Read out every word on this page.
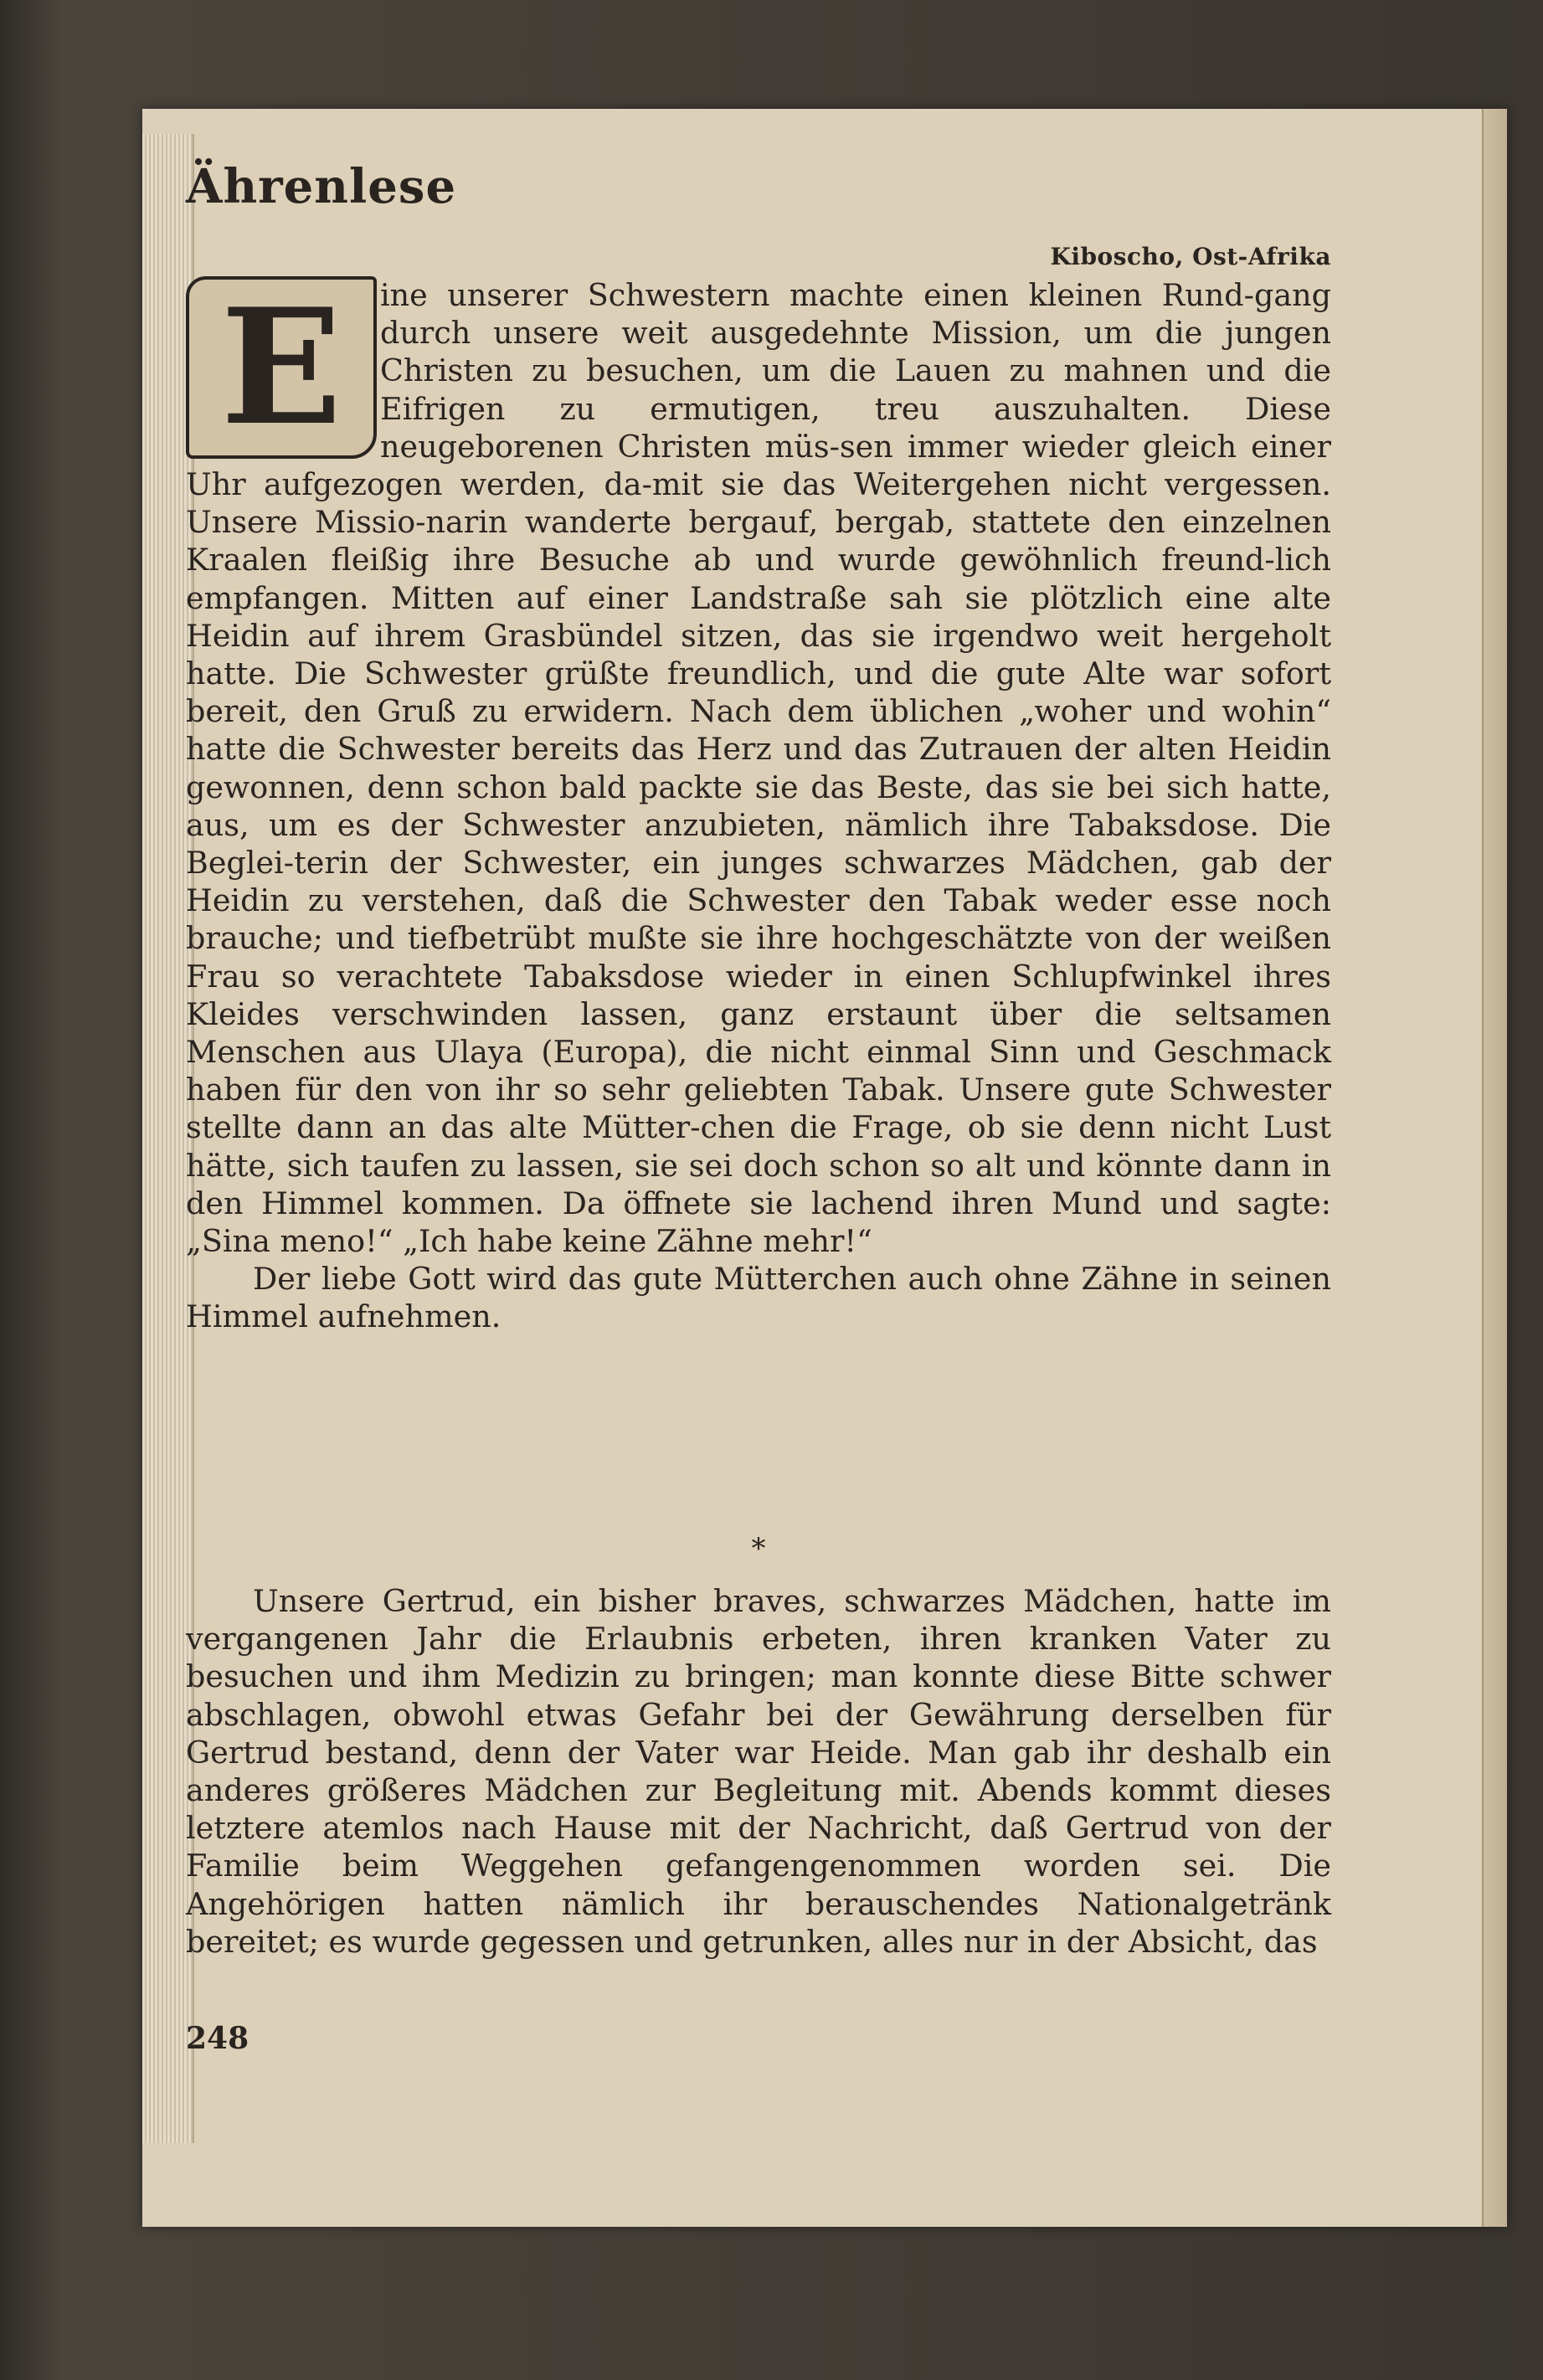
Ährenlese
Kiboscho, Ost-Afrika
E	ine unserer Schwestern machte einen kleinen Rund-gang durch unsere weit ausgedehnte Mission, um die jungen Christen zu besuchen, um die Lauen zu mahnen und die Eifrigen zu ermutigen, treu auszuhalten. Diese neugeborenen Christen müs-sen immer wieder gleich einer Uhr aufgezogen werden, da-mit sie das Weitergehen nicht vergessen. Unsere Missio-narin wanderte bergauf, bergab, stattete den einzelnen Kraalen fleißig ihre Besuche ab und wurde gewöhnlich freund-lich empfangen. Mitten auf einer Landstraße sah sie plötzlich eine alte Heidin auf ihrem Grasbündel sitzen, das sie irgendwo weit hergeholt hatte. Die Schwester grüßte freundlich, und die gute Alte war sofort bereit, den Gruß zu erwidern. Nach dem üblichen „woher und wohin“ hatte die Schwester bereits das Herz und das Zutrauen der alten Heidin gewonnen, denn schon bald packte sie das Beste, das sie bei sich hatte, aus, um es der Schwester anzubieten, nämlich ihre Tabaksdose. Die Beglei-terin der Schwester, ein junges schwarzes Mädchen, gab der Heidin zu verstehen, daß die Schwester den Tabak weder esse noch brauche; und tiefbetrübt mußte sie ihre hochgeschätzte von der weißen Frau so verachtete Tabaksdose wieder in einen Schlupfwinkel ihres Kleides verschwinden lassen, ganz erstaunt über die seltsamen Menschen aus Ulaya (Europa), die nicht einmal Sinn und Geschmack haben für den von ihr so sehr geliebten Tabak. Unsere gute Schwester stellte dann an das alte Mütter-chen die Frage, ob sie denn nicht Lust hätte, sich taufen zu lassen, sie sei doch schon so alt und könnte dann in den Himmel kommen. Da öffnete sie lachend ihren Mund und sagte: „Sina meno!“ „Ich habe keine Zähne mehr!“
Der liebe Gott wird das gute Mütterchen auch ohne Zähne in seinen Himmel aufnehmen.
*

Unsere Gertrud, ein bisher braves, schwarzes Mädchen, hatte im vergangenen Jahr die Erlaubnis erbeten, ihren kranken Vater zu besuchen und ihm Medizin zu bringen; man konnte diese Bitte schwer abschlagen, obwohl etwas Gefahr bei der Gewährung derselben für Gertrud bestand, denn der Vater war Heide. Man gab ihr deshalb ein anderes größeres Mädchen zur Begleitung mit. Abends kommt dieses letztere atemlos nach Hause mit der Nachricht, daß Gertrud von der Familie beim Weggehen gefangengenommen worden sei. Die Angehörigen hatten nämlich ihr berauschendes Nationalgetränk bereitet; es wurde gegessen und getrunken, alles nur in der Absicht, das

248
